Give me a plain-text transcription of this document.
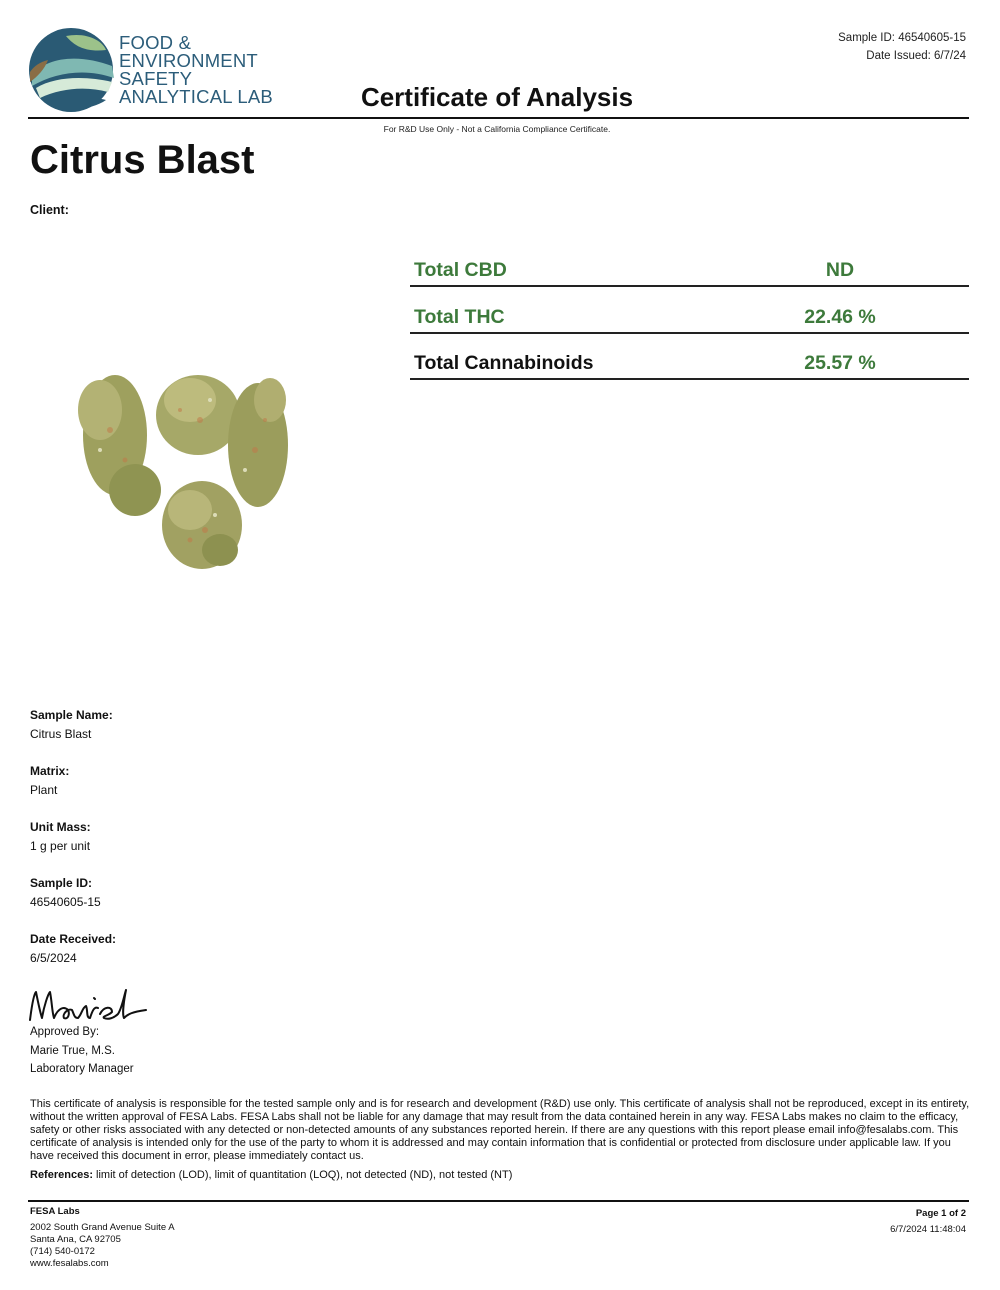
FOOD &
ENVIRONMENT
SAFETY
ANALYTICAL LAB
Sample ID: 46540605-15
Date Issued: 6/7/24
Certificate of Analysis
For R&D Use Only - Not a California Compliance Certificate.
Citrus Blast
Client:
Total CBD	ND
Total THC	22.46 %
Total Cannabinoids	25.57 %
Sample Name:
Citrus Blast
Matrix:
Plant
Unit Mass:
1 g per unit
Sample ID:
46540605-15
Date Received:
6/5/2024
Approved By:
Marie True, M.S.
Laboratory Manager
This certificate of analysis is responsible for the tested sample only and is for research and development (R&D) use only. This certificate of analysis shall not be reproduced, except in its entirety, without the written approval of FESA Labs. FESA Labs shall not be liable for any damage that may result from the data contained herein in any way. FESA Labs makes no claim to the efficacy, safety or other risks associated with any detected or non-detected amounts of any substances reported herein. If there are any questions with this report please email info@fesalabs.com. This certificate of analysis is intended only for the use of the party to whom it is addressed and may contain information that is confidential or protected from disclosure under applicable law. If you have received this document in error, please immediately contact us.
References: limit of detection (LOD), limit of quantitation (LOQ), not detected (ND), not tested (NT)
FESA Labs
2002 South Grand Avenue Suite A
Santa Ana, CA 92705
(714) 540-0172
www.fesalabs.com
Page 1 of 2
6/7/2024 11:48:04
